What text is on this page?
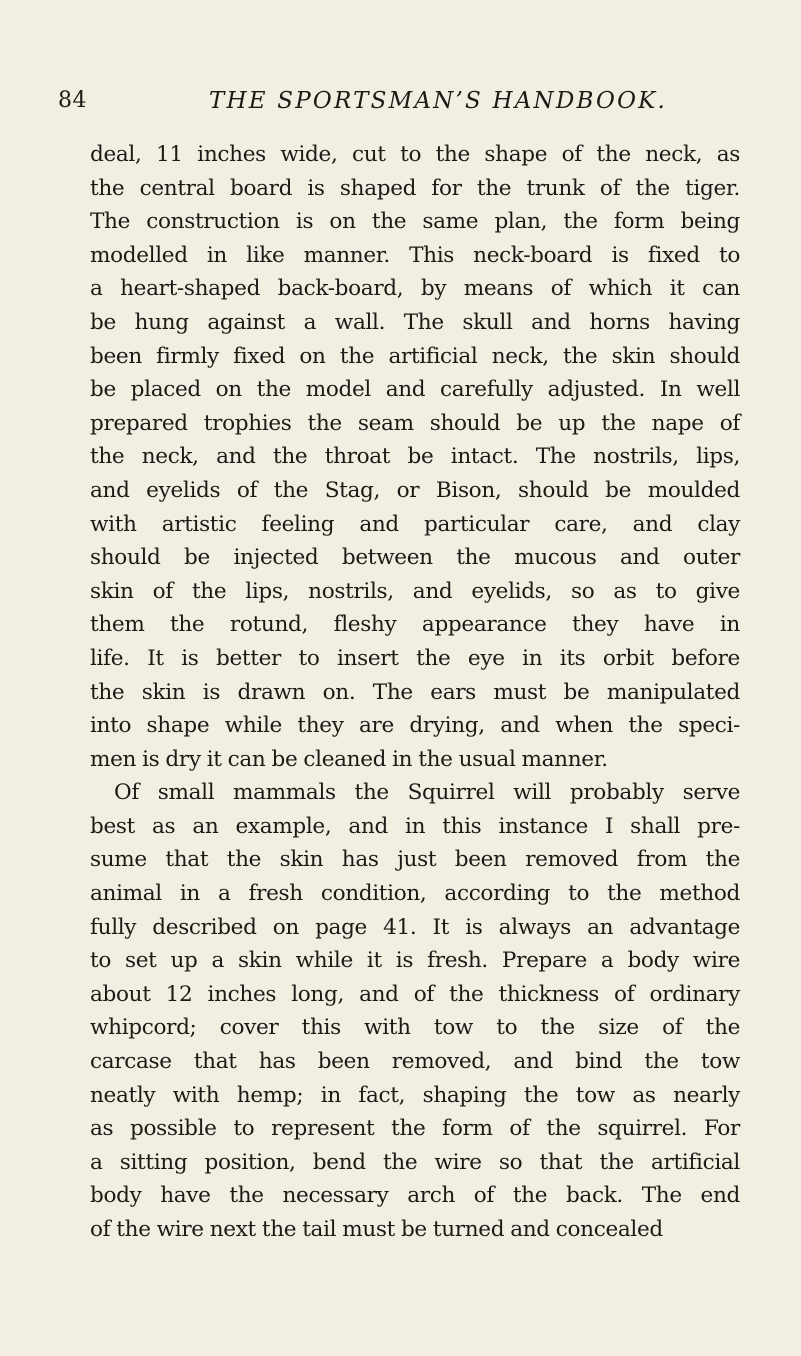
84	THE SPORTSMAN’S HANDBOOK.

deal, 11 inches wide, cut to the shape of the neck, as
the central board is shaped for the trunk of the tiger.
The construction is on the same plan, the form being
modelled in like manner. This neck-board is fixed to
a heart-shaped back-board, by means of which it can
be hung against a wall. The skull and horns having
been firmly fixed on the artificial neck, the skin should
be placed on the model and carefully adjusted. In well
prepared trophies the seam should be up the nape of
the neck, and the throat be intact. The nostrils, lips,
and eyelids of the Stag, or Bison, should be moulded
with artistic feeling and particular care, and clay
should be injected between the mucous and outer
skin of the lips, nostrils, and eyelids, so as to give
them the rotund, fleshy appearance they have in
life. It is better to insert the eye in its orbit before
the skin is drawn on. The ears must be manipulated
into shape while they are drying, and when the speci-
men is dry it can be cleaned in the usual manner.

Of small mammals the Squirrel will probably serve
best as an example, and in this instance I shall pre-
sume that the skin has just been removed from the
animal in a fresh condition, according to the method
fully described on page 41. It is always an advantage
to set up a skin while it is fresh. Prepare a body wire
about 12 inches long, and of the thickness of ordinary
whipcord; cover this with tow to the size of the
carcase that has been removed, and bind the tow
neatly with hemp; in fact, shaping the tow as nearly
as possible to represent the form of the squirrel. For
a sitting position, bend the wire so that the artificial
body have the necessary arch of the back. The end
of the wire next the tail must be turned and concealed
